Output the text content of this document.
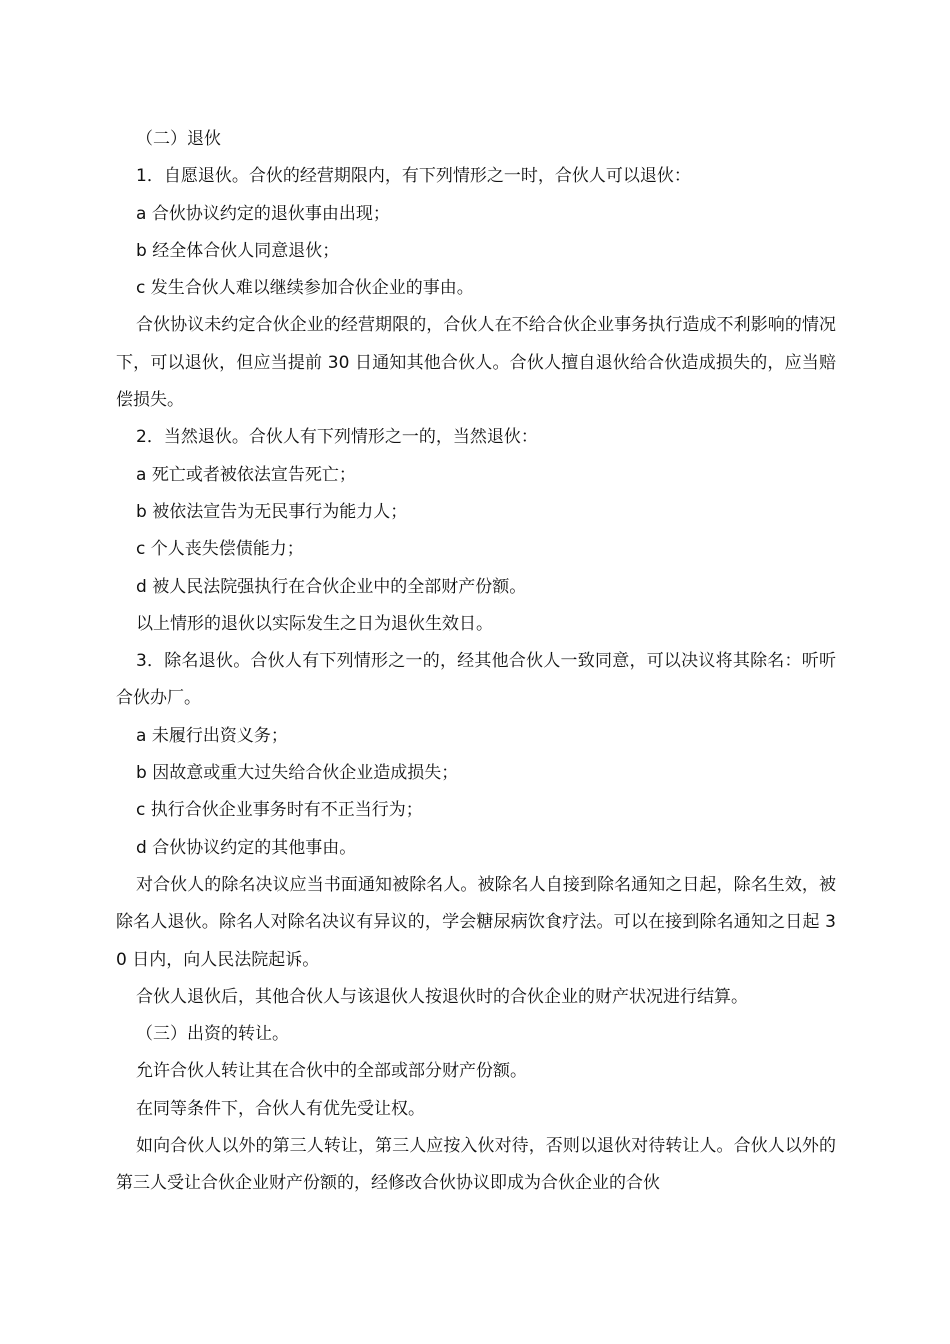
（二）退伙

1．自愿退伙。合伙的经营期限内，有下列情形之一时，合伙人可以退伙：

a 合伙协议约定的退伙事由出现；

b 经全体合伙人同意退伙；

c 发生合伙人难以继续参加合伙企业的事由。

合伙协议未约定合伙企业的经营期限的，合伙人在不给合伙企业事务执行造成不利影响的情况下，可以退伙，但应当提前 30 日通知其他合伙人。合伙人擅自退伙给合伙造成损失的，应当赔偿损失。

2．当然退伙。合伙人有下列情形之一的，当然退伙：

a 死亡或者被依法宣告死亡；

b 被依法宣告为无民事行为能力人；

c 个人丧失偿债能力；

d 被人民法院强执行在合伙企业中的全部财产份额。

以上情形的退伙以实际发生之日为退伙生效日。

3．除名退伙。合伙人有下列情形之一的，经其他合伙人一致同意，可以决议将其除名：听听合伙办厂。

a 未履行出资义务；

b 因故意或重大过失给合伙企业造成损失；

c 执行合伙企业事务时有不正当行为；

d 合伙协议约定的其他事由。

对合伙人的除名决议应当书面通知被除名人。被除名人自接到除名通知之日起，除名生效，被除名人退伙。除名人对除名决议有异议的，学会糖尿病饮食疗法。可以在接到除名通知之日起 30 日内，向人民法院起诉。

合伙人退伙后，其他合伙人与该退伙人按退伙时的合伙企业的财产状况进行结算。

（三）出资的转让。

允许合伙人转让其在合伙中的全部或部分财产份额。

在同等条件下，合伙人有优先受让权。

如向合伙人以外的第三人转让，第三人应按入伙对待，否则以退伙对待转让人。合伙人以外的第三人受让合伙企业财产份额的，经修改合伙协议即成为合伙企业的合伙
